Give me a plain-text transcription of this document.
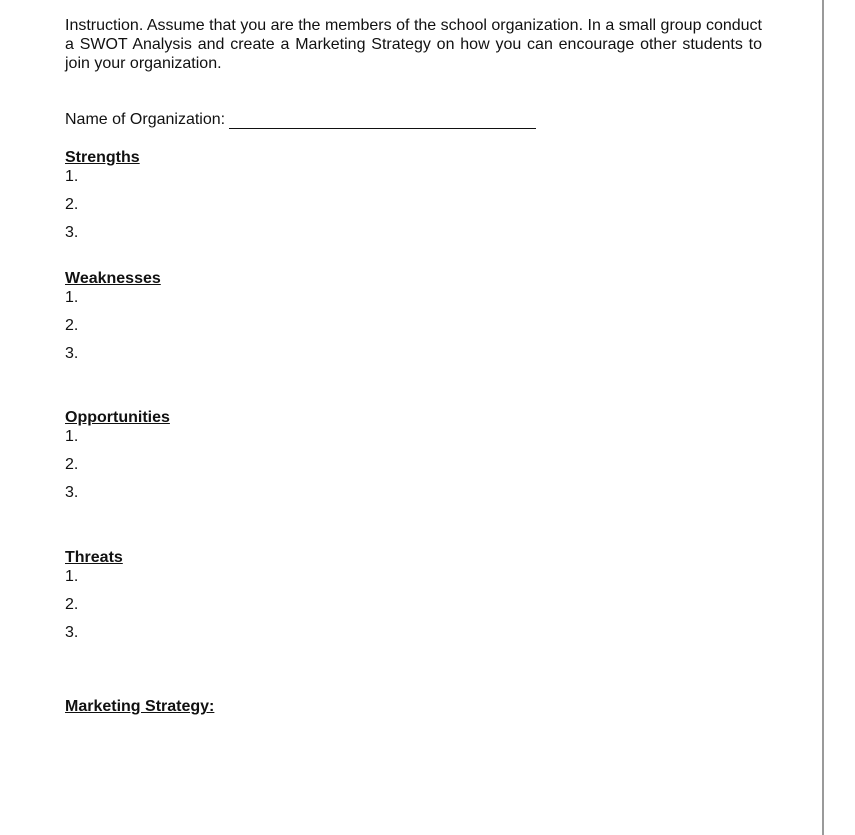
Instruction. Assume that you are the members of the school organization. In a small group conduct a SWOT Analysis and create a Marketing Strategy on how you can encourage other students to join your organization.

Name of Organization:
Strengths
1.
2.
3.
Weaknesses
1.
2.
3.
Opportunities
1.
2.
3.
Threats
1.
2.
3.
Marketing Strategy:
